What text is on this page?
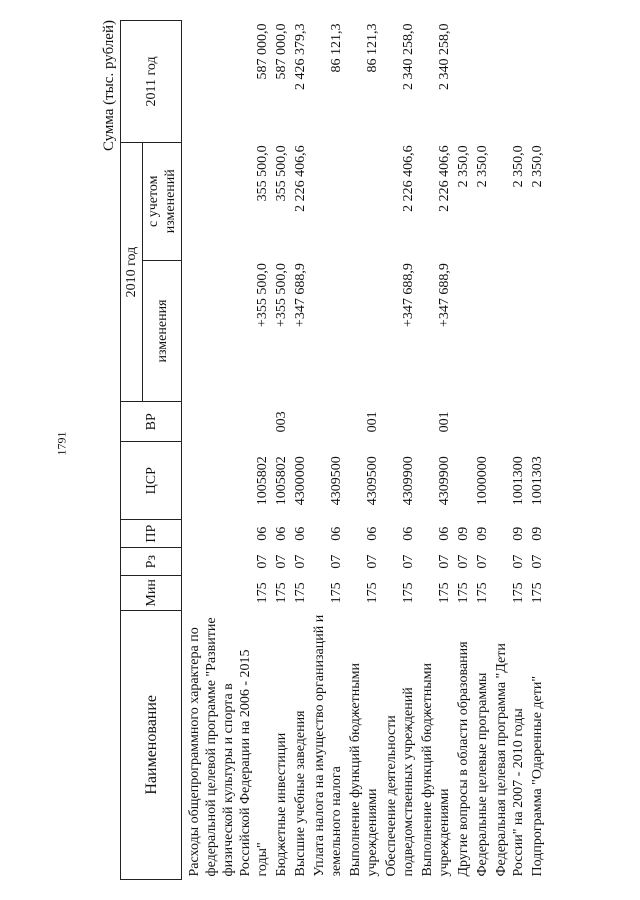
1791
Сумма (тыс. рублей)
Наименование	Мин	Рз	ПР	ЦСР	ВР	2010 год		2011 год
						изменения	с учетом изменений	
Расходы общепрограммного характера по федеральной целевой программе "Развитие физической культуры и спорта в Российской Федерации на 2006 - 2015 годы"	175	07	06	1005802		+355 500,0	355 500,0	587 000,0
Бюджетные инвестиции	175	07	06	1005802	003	+355 500,0	355 500,0	587 000,0
Высшие учебные заведения	175	07	06	4300000		+347 688,9	2 226 406,6	2 426 379,3
Уплата налога на имущество организаций и земельного налога	175	07	06	4309500				86 121,3
Выполнение функций бюджетными учреждениями	175	07	06	4309500	001			86 121,3
Обеспечение деятельности подведомственных учреждений	175	07	06	4309900		+347 688,9	2 226 406,6	2 340 258,0
Выполнение функций бюджетными учреждениями	175	07	06	4309900	001	+347 688,9	2 226 406,6	2 340 258,0
Другие вопросы в области образования	175	07	09				2 350,0	
Федеральные целевые программы	175	07	09	1000000			2 350,0	
Федеральная целевая программа "Дети России" на 2007 - 2010 годы	175	07	09	1001300			2 350,0	
Подпрограмма "Одаренные дети"	175	07	09	1001303			2 350,0	
